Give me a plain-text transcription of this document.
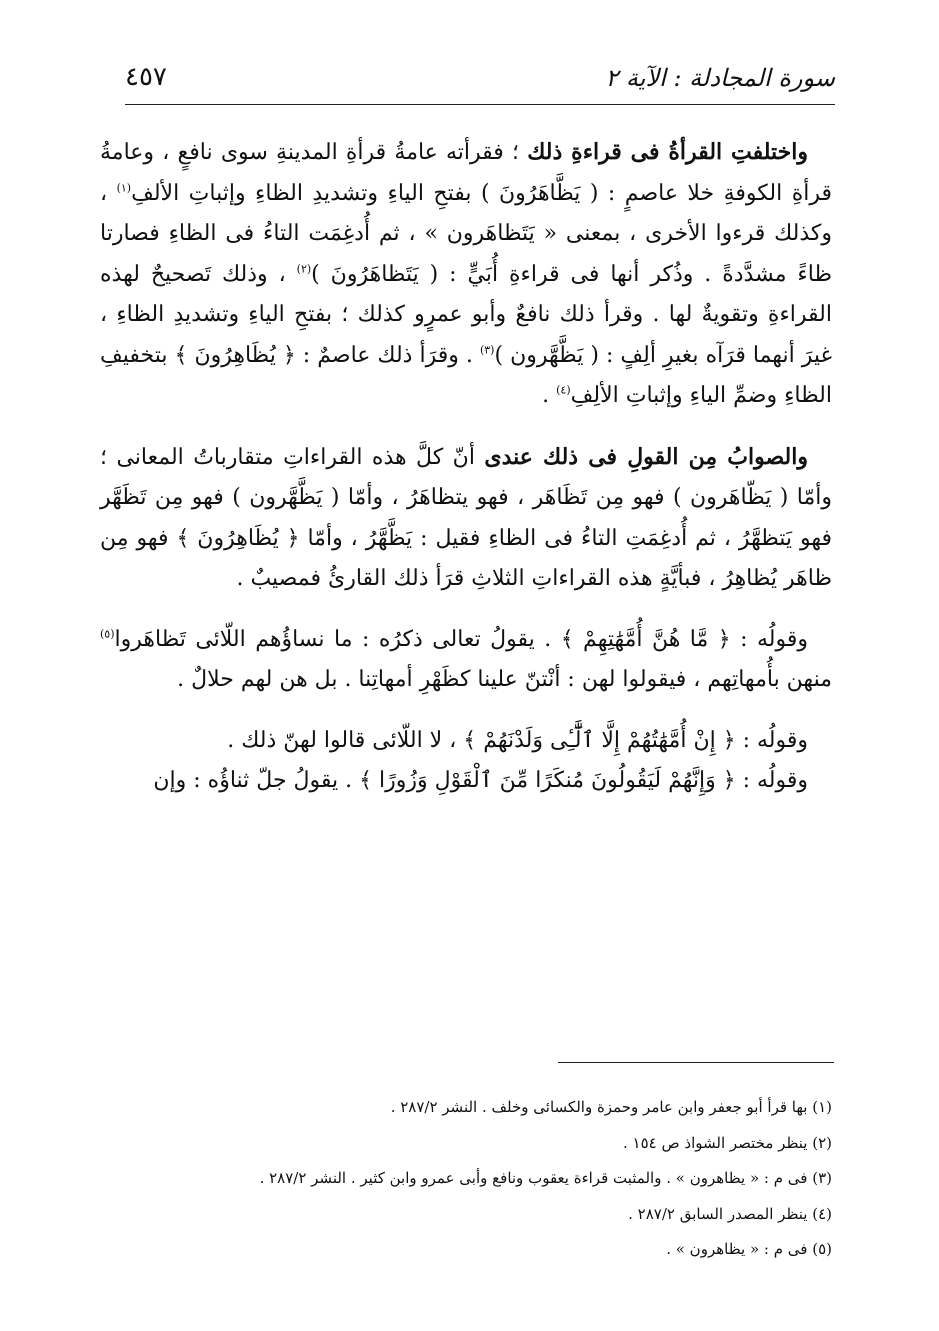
سورة المجادلة : الآية ٢
٤٥٧

واختلفتِ القرأةُ فى قراءةِ ذلك ؛ فقرأته عامةُ قرأةِ المدينةِ سوى نافعٍ ، وعامةُ قرأةِ الكوفةِ خلا عاصمٍ : ( يَظَّاهَرُونَ ) بفتحِ الياءِ وتشديدِ الظاءِ وإثباتِ الألفِ$^{(١)}$ ، وكذلك قرءوا الأخرى ، بمعنى « يَتَظاهَرون » ، ثم أُدغِمَت التاءُ فى الظاءِ فصارتا ظاءً مشدَّدةً . وذُكر أنها فى قراءةِ أُبَيٍّ : ( يَتَظاهَرُونَ )$^{(٢)}$ ، وذلك تَصحيحٌ لهذه القراءةِ وتقويةٌ لها . وقرأ ذلك نافعٌ وأبو عمرٍو كذلك ؛ بفتحِ الياءِ وتشديدِ الظاءِ ، غيرَ أنهما قرَآه بغيرِ ألِفٍ : ( يَظَّهَّرون )$^{(٣)}$ . وقرَأ ذلك عاصمٌ : ﴿ يُظَاهِرُونَ ﴾ بتخفيفِ الظاءِ وضمِّ الياءِ وإثباتِ الألِفِ$^{(٤)}$ .

والصوابُ مِن القولِ فى ذلك عندى أنّ كلَّ هذه القراءاتِ متقارباتُ المعانى ؛ وأمّا ( يَظّاهَرون ) فهو مِن تَظَاهَر ، فهو يتظاهَرُ ، وأمّا ( يَظَّهَّرون ) فهو مِن تَظَهَّر فهو يَتظهَّرُ ، ثم أُدغِمَتِ التاءُ فى الظاءِ فقيل : يَظَّهَّرُ ، وأمّا ﴿ يُظَاهِرُونَ ﴾ فهو مِن ظاهَر يُظاهِرُ ، فبأيَّةٍ هذه القراءاتِ الثلاثِ قرَأ ذلك القارئُ فمصيبٌ .

وقولُه : ﴿ مَّا هُنَّ أُمَّهَٰتِهِمْ ﴾ . يقولُ تعالى ذكرُه : ما نساؤُهم اللّائى تَظاهَروا$^{(٥)}$ منهن بأُمهاتِهم ، فيقولوا لهن : أنْتنّ علينا كظَهْرِ أمهاتِنا . بل هن لهم حلالٌ .

وقولُه : ﴿ إِنْ أُمَّهَٰتُهُمْ إِلَّا ٱلَّٰٓـِٔى وَلَدْنَهُمْ ﴾ ، لا اللّائى قالوا لهنّ ذلك .

وقولُه : ﴿ وَإِنَّهُمْ لَيَقُولُونَ مُنكَرًا مِّنَ ٱلْقَوْلِ وَزُورًا ﴾ . يقولُ جلّ ثناؤُه : وإن

(١) بها قرأ أبو جعفر وابن عامر وحمزة والكسائى وخلف . النشر ٢٨٧/٢ .

(٢) ينظر مختصر الشواذ ص ١٥٤ .

(٣) فى م : « يظاهرون » . والمثبت قراءة يعقوب ونافع وأبى عمرو وابن كثير . النشر ٢٨٧/٢ .

(٤) ينظر المصدر السابق ٢٨٧/٢ .

(٥) فى م : « يظاهرون » .
